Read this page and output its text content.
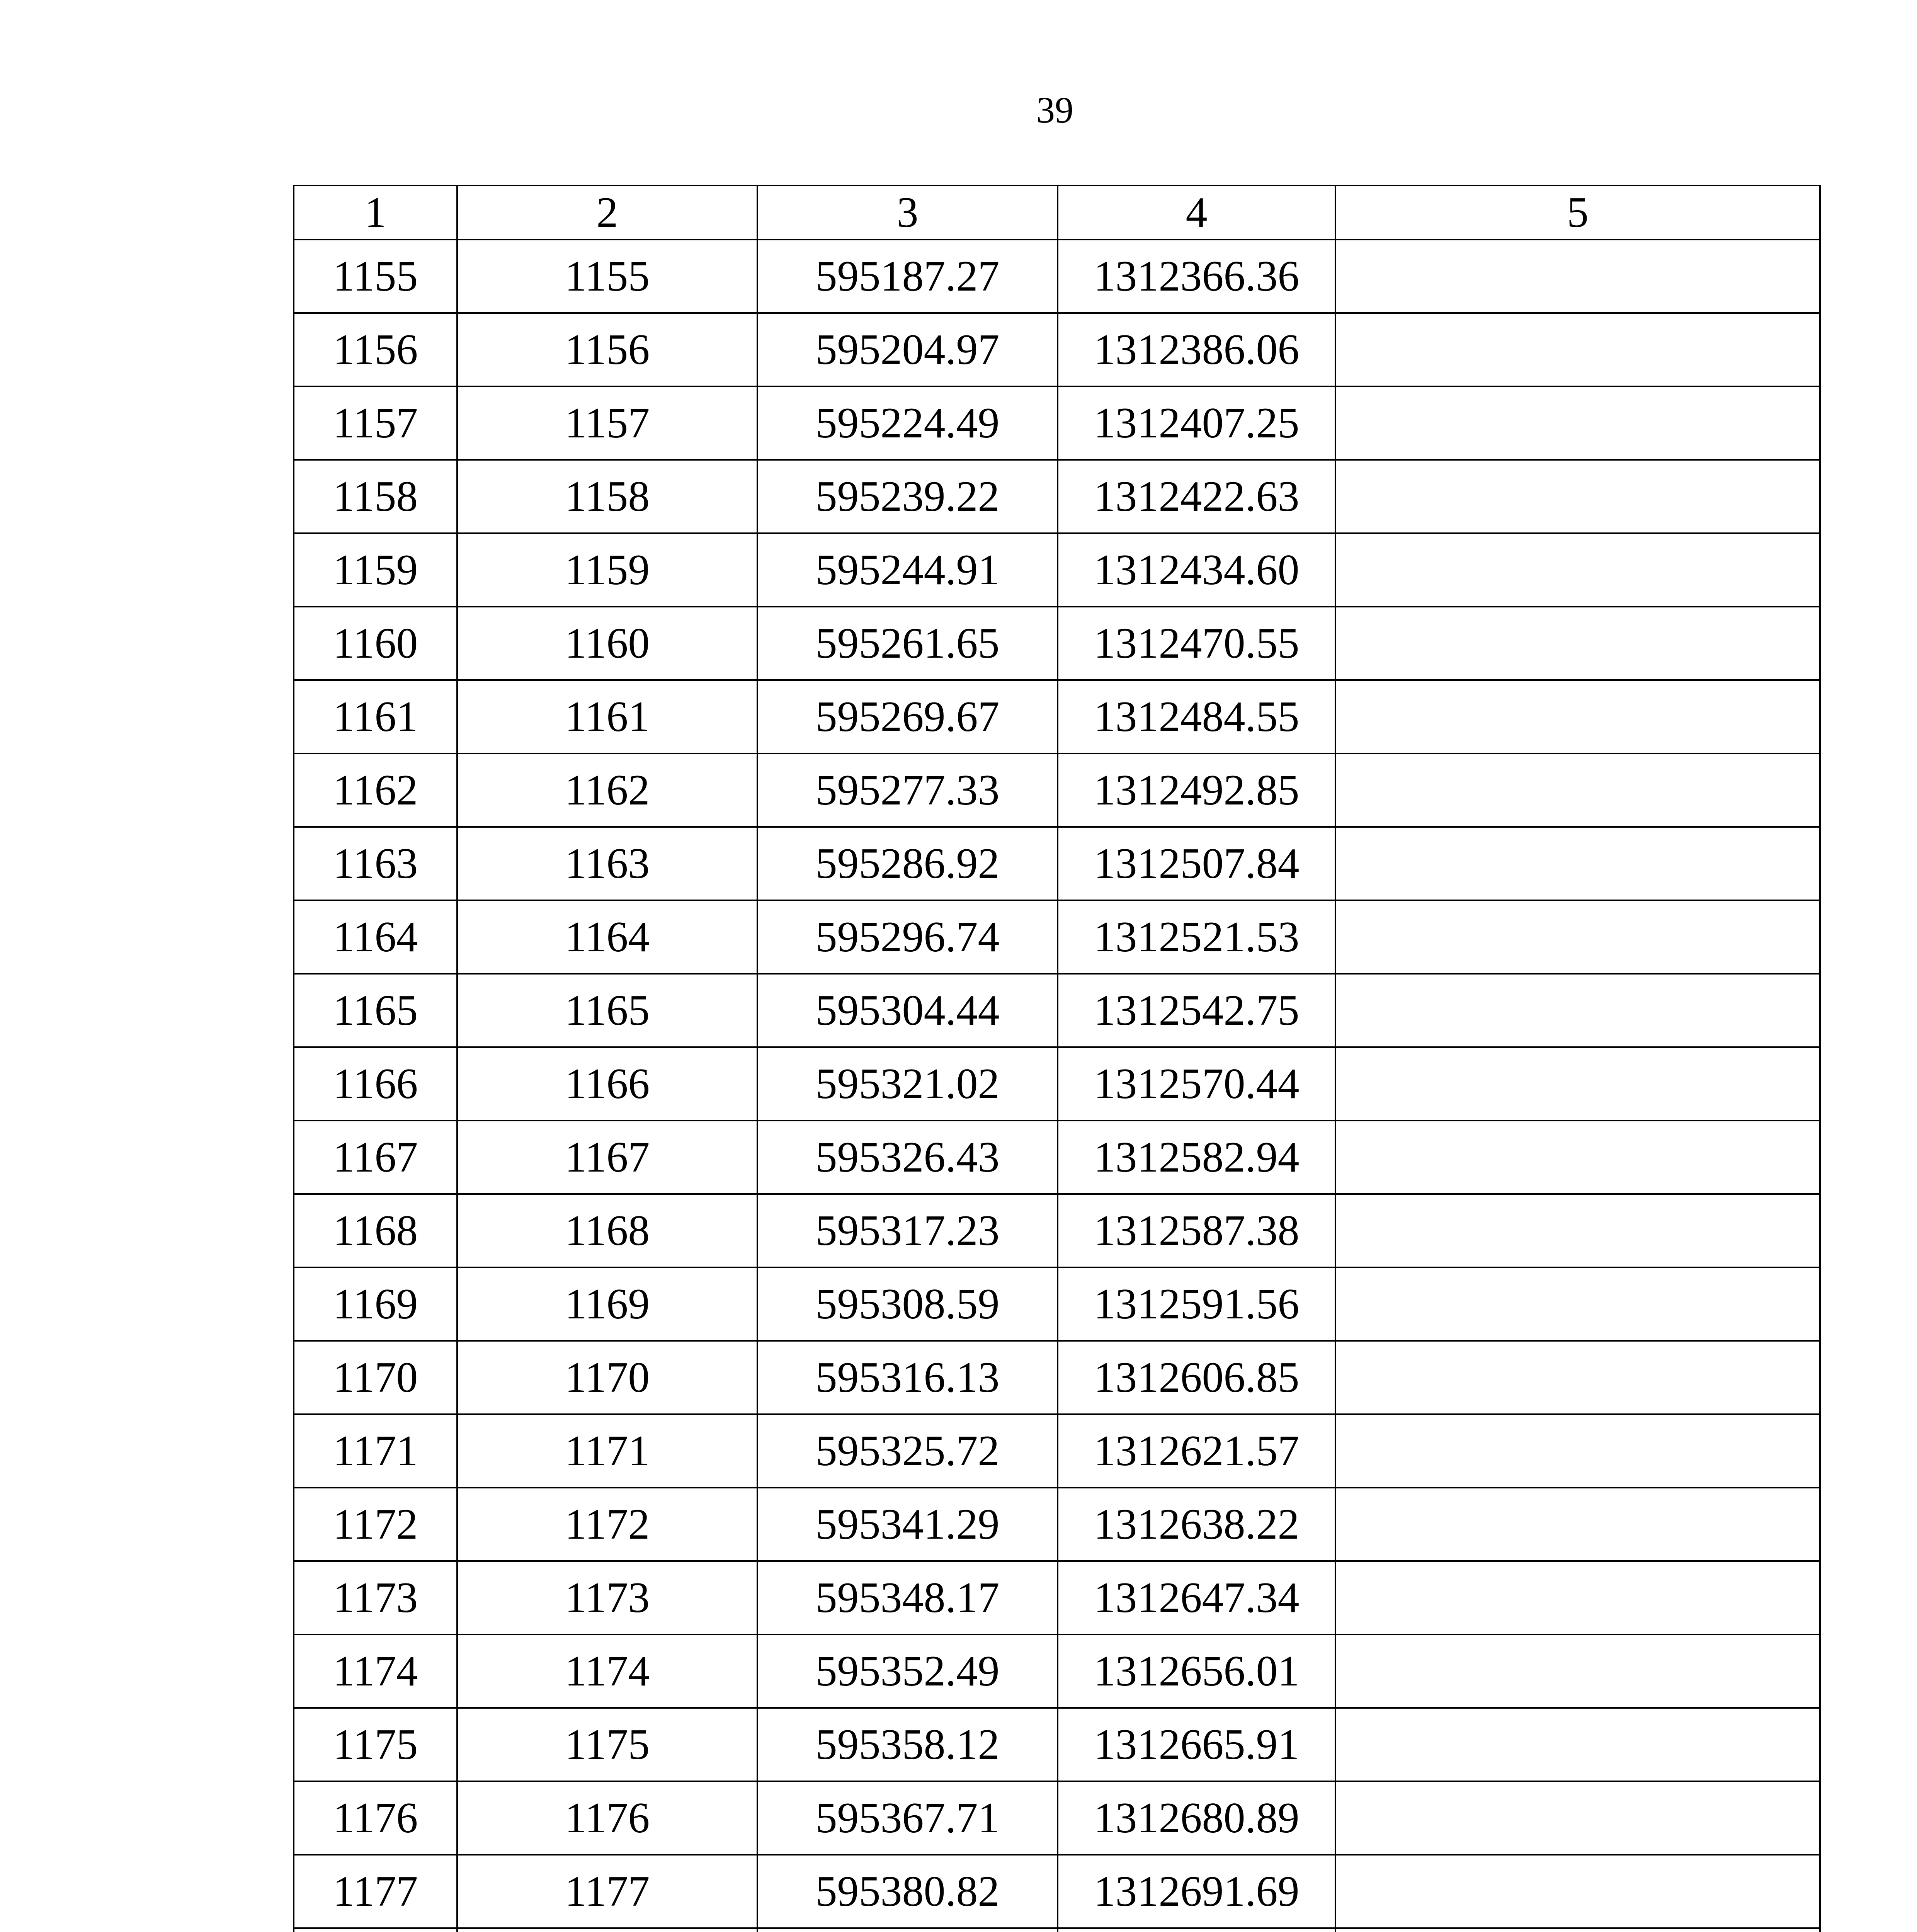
39
1	2	3	4	5
1155	1155	595187.27	1312366.36	
1156	1156	595204.97	1312386.06	
1157	1157	595224.49	1312407.25	
1158	1158	595239.22	1312422.63	
1159	1159	595244.91	1312434.60	
1160	1160	595261.65	1312470.55	
1161	1161	595269.67	1312484.55	
1162	1162	595277.33	1312492.85	
1163	1163	595286.92	1312507.84	
1164	1164	595296.74	1312521.53	
1165	1165	595304.44	1312542.75	
1166	1166	595321.02	1312570.44	
1167	1167	595326.43	1312582.94	
1168	1168	595317.23	1312587.38	
1169	1169	595308.59	1312591.56	
1170	1170	595316.13	1312606.85	
1171	1171	595325.72	1312621.57	
1172	1172	595341.29	1312638.22	
1173	1173	595348.17	1312647.34	
1174	1174	595352.49	1312656.01	
1175	1175	595358.12	1312665.91	
1176	1176	595367.71	1312680.89	
1177	1177	595380.82	1312691.69	
